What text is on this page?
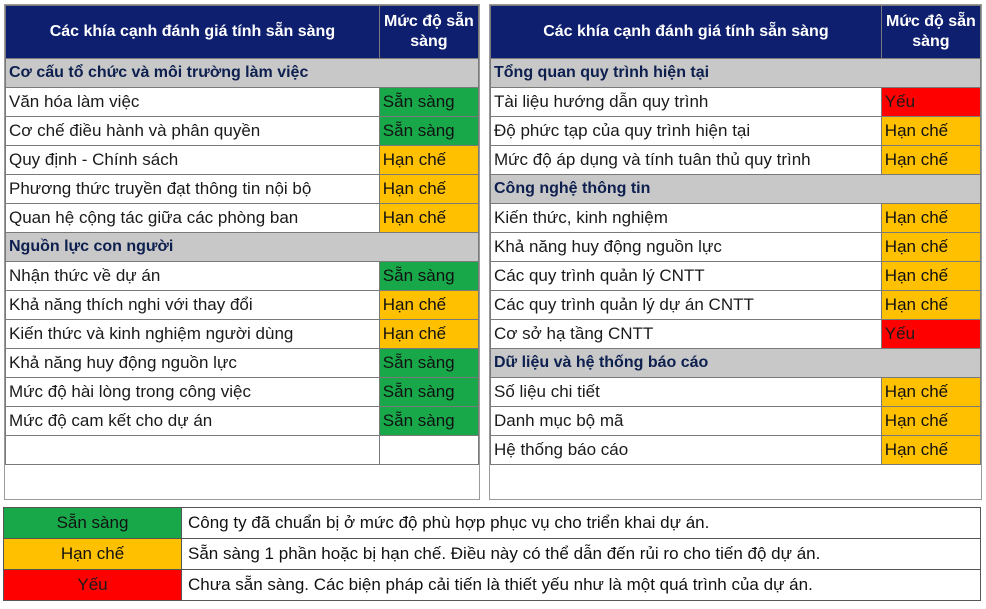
Các khía cạnh đánh giá tính sẵn sàng	Mức độ sẵn sàng
Cơ cấu tổ chức và môi trường làm việc	
Văn hóa làm việc	Sẵn sàng
Cơ chế điều hành và phân quyền	Sẵn sàng
Quy định - Chính sách	Hạn chế
Phương thức truyền đạt thông tin nội bộ	Hạn chế
Quan hệ cộng tác giữa các phòng ban	Hạn chế
Nguồn lực con người	
Nhận thức về dự án	Sẵn sàng
Khả năng thích nghi với thay đổi	Hạn chế
Kiến thức và kinh nghiệm người dùng	Hạn chế
Khả năng huy động nguồn lực	Sẵn sàng
Mức độ hài lòng trong công việc	Sẵn sàng
Mức độ cam kết cho dự án	Sẵn sàng

Các khía cạnh đánh giá tính sẵn sàng	Mức độ sẵn sàng
Tổng quan quy trình hiện tại	
Tài liệu hướng dẫn quy trình	Yếu
Độ phức tạp của quy trình hiện tại	Hạn chế
Mức độ áp dụng và tính tuân thủ quy trình	Hạn chế
Công nghệ thông tin	
Kiến thức, kinh nghiệm	Hạn chế
Khả năng huy động nguồn lực	Hạn chế
Các quy trình quản lý CNTT	Hạn chế
Các quy trình quản lý dự án CNTT	Hạn chế
Cơ sở hạ tầng CNTT	Yếu
Dữ liệu và hệ thống báo cáo	
Số liệu chi tiết	Hạn chế
Danh mục bộ mã	Hạn chế
Hệ thống báo cáo	Hạn chế
Sẵn sàng	Công ty đã chuẩn bị ở mức độ phù hợp phục vụ cho triển khai dự án.
Hạn chế	Sẵn sàng 1 phần hoặc bị hạn chế. Điều này có thể dẫn đến rủi ro cho tiến độ dự án.
Yếu	Chưa sẵn sàng. Các biện pháp cải tiến là thiết yếu như là một quá trình của dự án.
